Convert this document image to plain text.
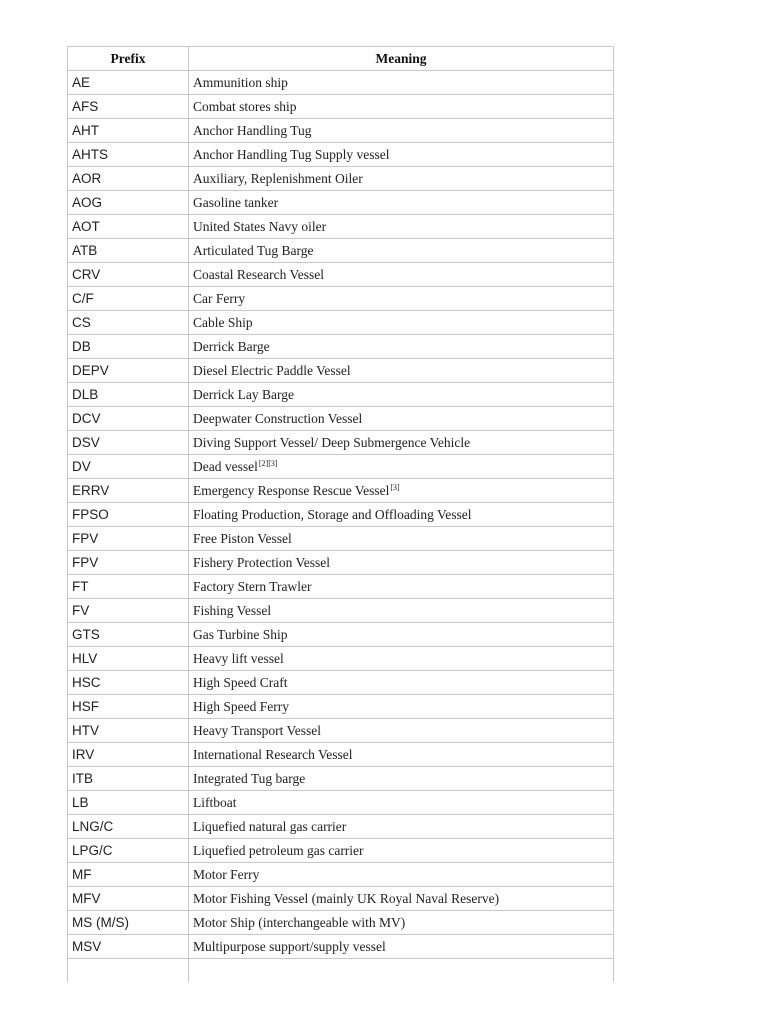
Prefix	Meaning
AE	Ammunition ship
AFS	Combat stores ship
AHT	Anchor Handling Tug
AHTS	Anchor Handling Tug Supply vessel
AOR	Auxiliary, Replenishment Oiler
AOG	Gasoline tanker
AOT	United States Navy oiler
ATB	Articulated Tug Barge
CRV	Coastal Research Vessel
C/F	Car Ferry
CS	Cable Ship
DB	Derrick Barge
DEPV	Diesel Electric Paddle Vessel
DLB	Derrick Lay Barge
DCV	Deepwater Construction Vessel
DSV	Diving Support Vessel/ Deep Submergence Vehicle
DV	Dead vessel[2][3]
ERRV	Emergency Response Rescue Vessel[3]
FPSO	Floating Production, Storage and Offloading Vessel
FPV	Free Piston Vessel
FPV	Fishery Protection Vessel
FT	Factory Stern Trawler
FV	Fishing Vessel
GTS	Gas Turbine Ship
HLV	Heavy lift vessel
HSC	High Speed Craft
HSF	High Speed Ferry
HTV	Heavy Transport Vessel
IRV	International Research Vessel
ITB	Integrated Tug barge
LB	Liftboat
LNG/C	Liquefied natural gas carrier
LPG/C	Liquefied petroleum gas carrier
MF	Motor Ferry
MFV	Motor Fishing Vessel (mainly UK Royal Naval Reserve)
MS (M/S)	Motor Ship (interchangeable with MV)
MSV	Multipurpose support/supply vessel
